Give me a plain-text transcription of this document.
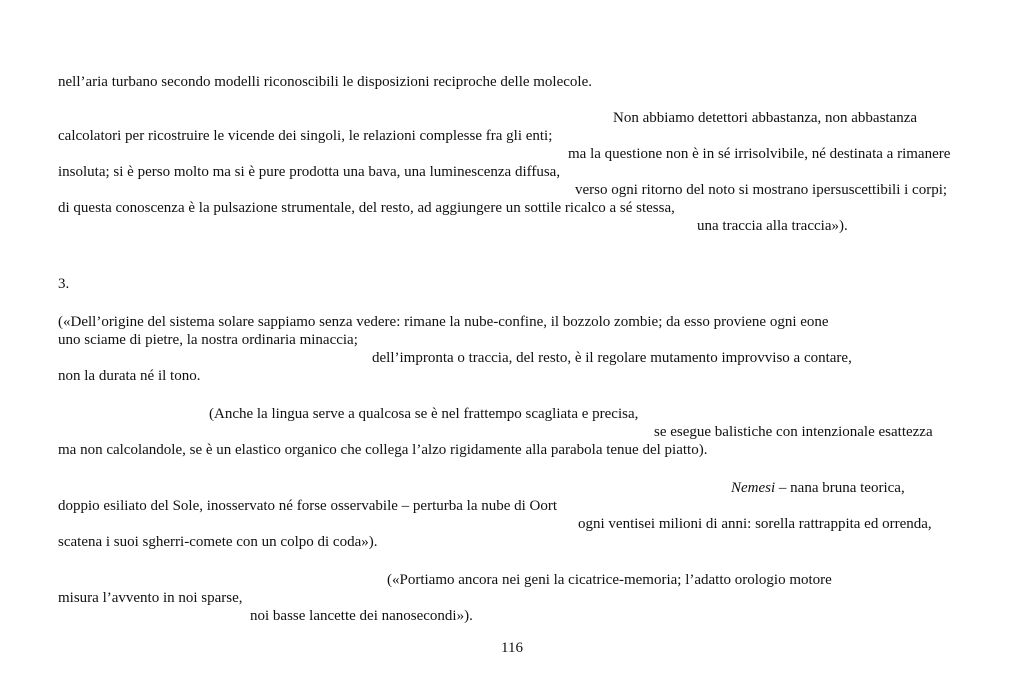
nell’aria turbano secondo modelli riconoscibili le disposizioni reciproche delle molecole.

Non abbiamo detettori abbastanza, non abbastanza

calcolatori per ricostruire le vicende dei singoli, le relazioni complesse fra gli enti;

ma la questione non è in sé irrisolvibile, né destinata a rimanere

insoluta; si è perso molto ma si è pure prodotta una bava, una luminescenza diffusa,

verso ogni ritorno del noto si mostrano ipersuscettibili i corpi;

di questa conoscenza è la pulsazione strumentale, del resto, ad aggiungere un sottile ricalco a sé stessa,

una traccia alla traccia»).

3.

(«Dell’origine del sistema solare sappiamo senza vedere: rimane la nube-confine, il bozzolo zombie; da esso proviene ogni eone

uno sciame di pietre, la nostra ordinaria minaccia;

dell’impronta o traccia, del resto, è il regolare mutamento improvviso a contare,

non la durata né il tono.

(Anche la lingua serve a qualcosa se è nel frattempo scagliata e precisa,

se esegue balistiche con intenzionale esattezza

ma non calcolandole, se è un elastico organico che collega l’alzo rigidamente alla parabola tenue del piatto).

Nemesi – nana bruna teorica,

doppio esiliato del Sole, inosservato né forse osservabile – perturba la nube di Oort

ogni ventisei milioni di anni: sorella rattrappita ed orrenda,

scatena i suoi sgherri-comete con un colpo di coda»).

(«Portiamo ancora nei geni la cicatrice-memoria; l’adatto orologio motore

misura l’avvento in noi sparse,

noi basse lancette dei nanosecondi»).

116
